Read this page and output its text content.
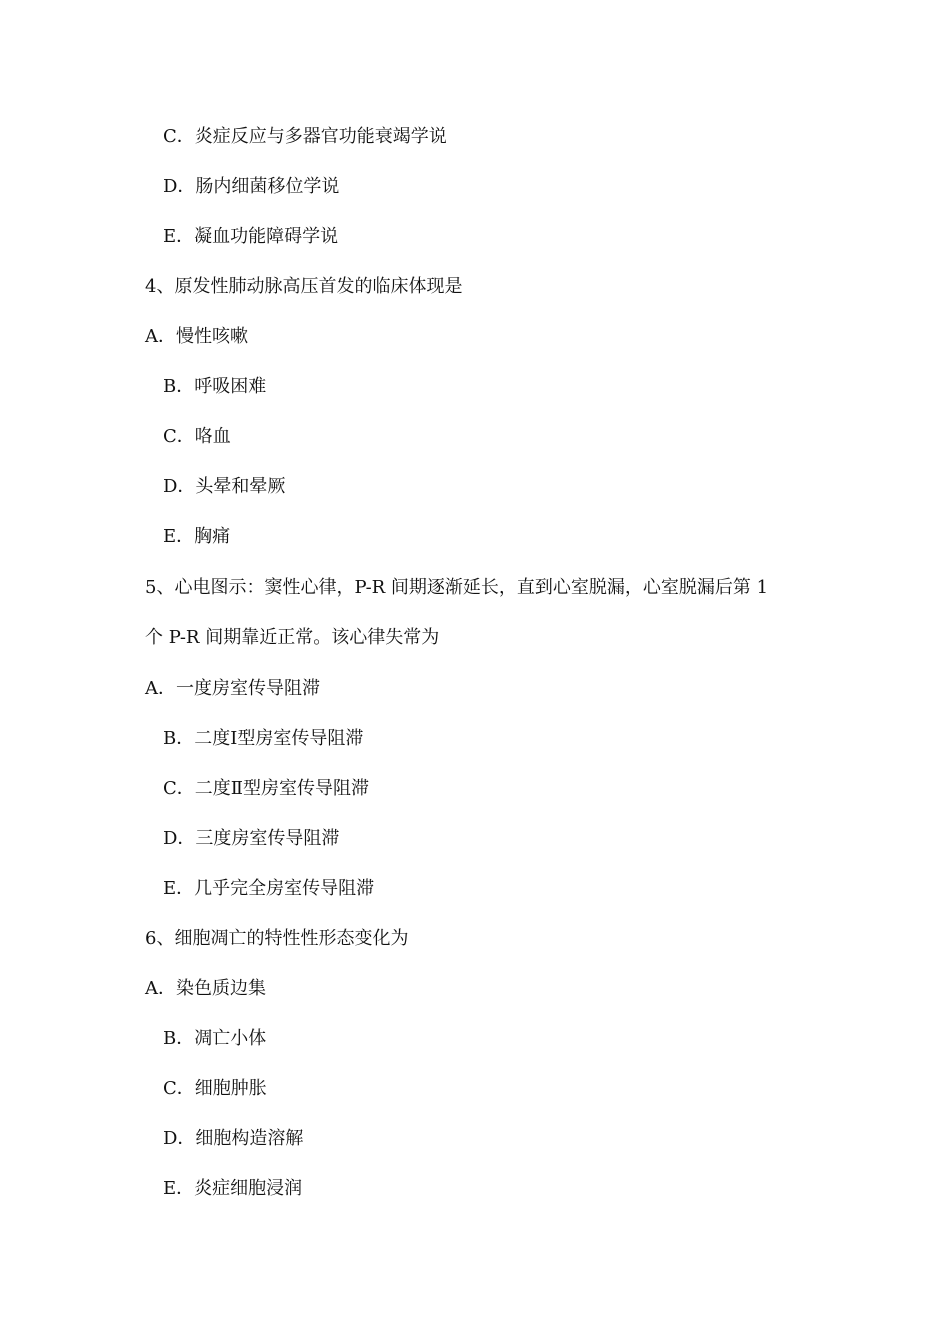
C．炎症反应与多器官功能衰竭学说
D．肠内细菌移位学说
E．凝血功能障碍学说
4、原发性肺动脉高压首发的临床体现是
A．慢性咳嗽
B．呼吸困难
C．咯血
D．头晕和晕厥
E．胸痛
5、心电图示：窦性心律，P-R 间期逐渐延长，直到心室脱漏，心室脱漏后第 1
个 P-R 间期靠近正常。该心律失常为
A．一度房室传导阻滞
B．二度Ⅰ型房室传导阻滞
C．二度Ⅱ型房室传导阻滞
D．三度房室传导阻滞
E．几乎完全房室传导阻滞
6、细胞凋亡的特性性形态变化为
A．染色质边集
B．凋亡小体
C．细胞肿胀
D．细胞构造溶解
E．炎症细胞浸润
